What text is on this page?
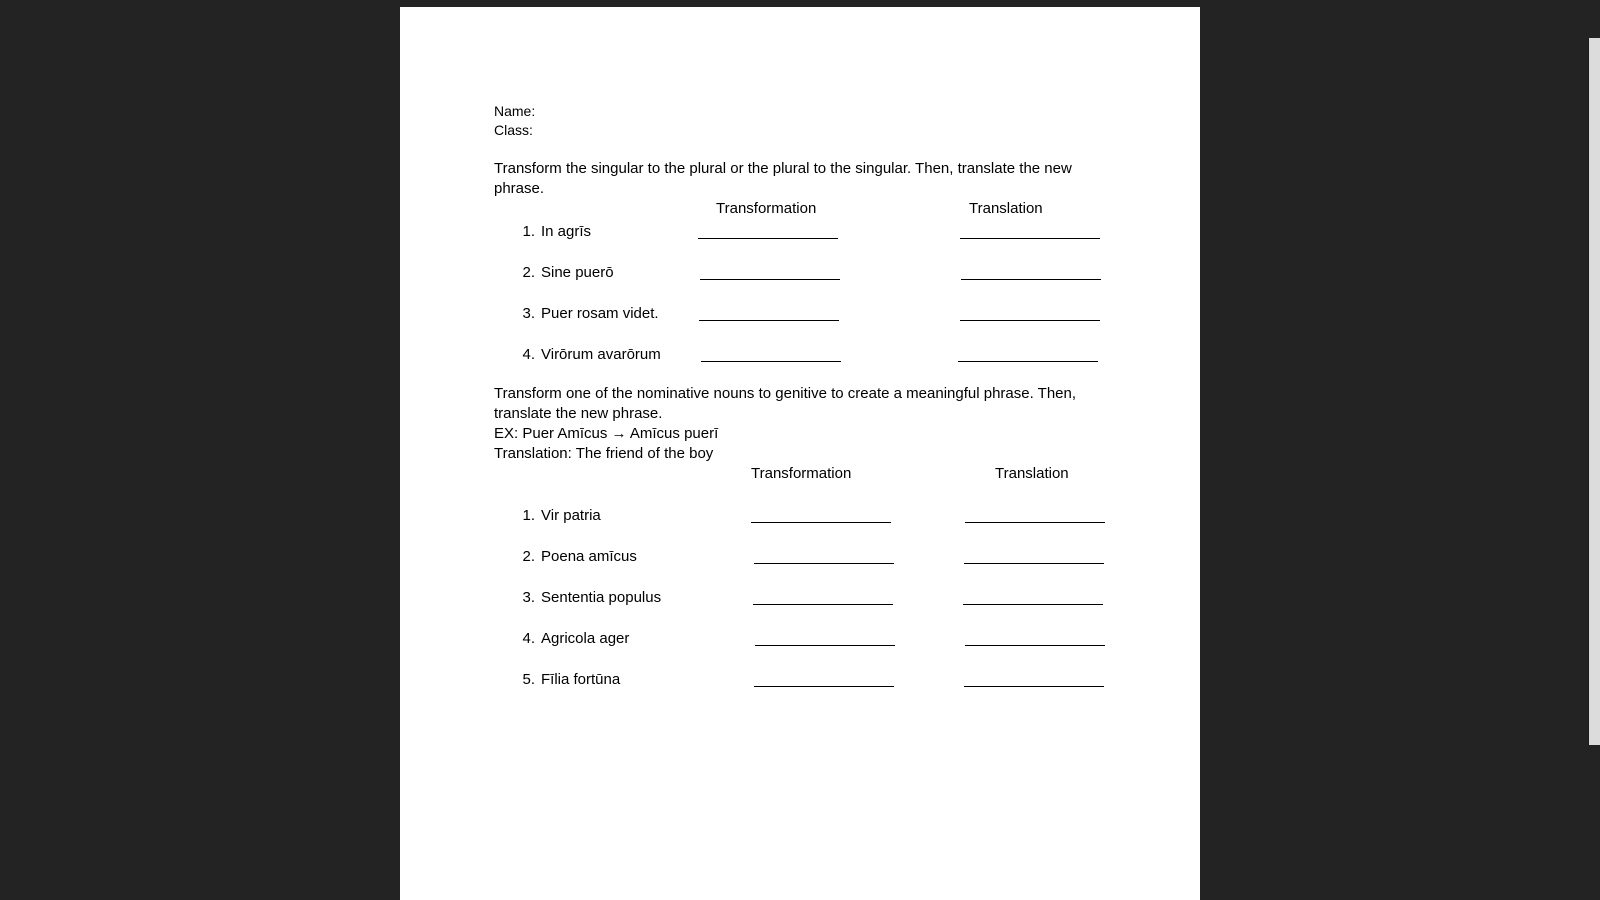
Name:
Class:

Transform the singular to the plural or the plural to the singular. Then, translate the new phrase.

Transformation	Translation
1. In agrīs
2. Sine puerō
3. Puer rosam videt.
4. Virōrum avarōrum

Transform one of the nominative nouns to genitive to create a meaningful phrase. Then, translate the new phrase.

EX: Puer Amīcus → Amīcus puerī
Translation: The friend of the boy
Transformation	Translation
1. Vir patria
2. Poena amīcus
3. Sententia populus
4. Agricola ager
5. Fīlia fortūna
